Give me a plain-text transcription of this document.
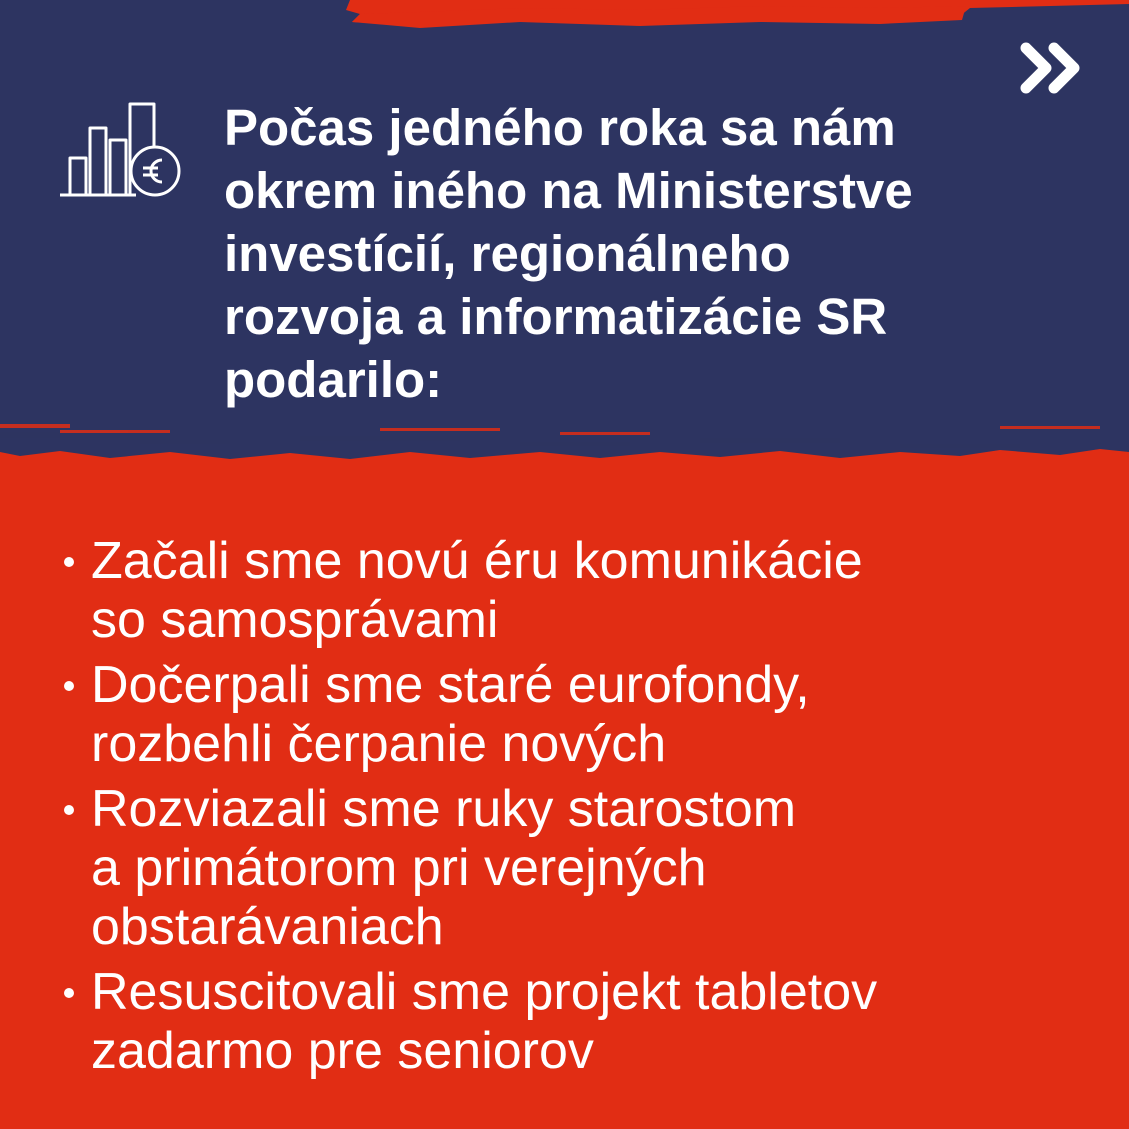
Počas jedného roka sa nám
okrem iného na Ministerstve
investícií, regionálneho
rozvoja a informatizácie SR
podarilo:
Začali sme novú éru komunikácie
so samosprávami
Dočerpali sme staré eurofondy,
rozbehli čerpanie nových
Rozviazali sme ruky starostom
a primátorom pri verejných
obstarávaniach
Resuscitovali sme projekt tabletov
zadarmo pre seniorov
